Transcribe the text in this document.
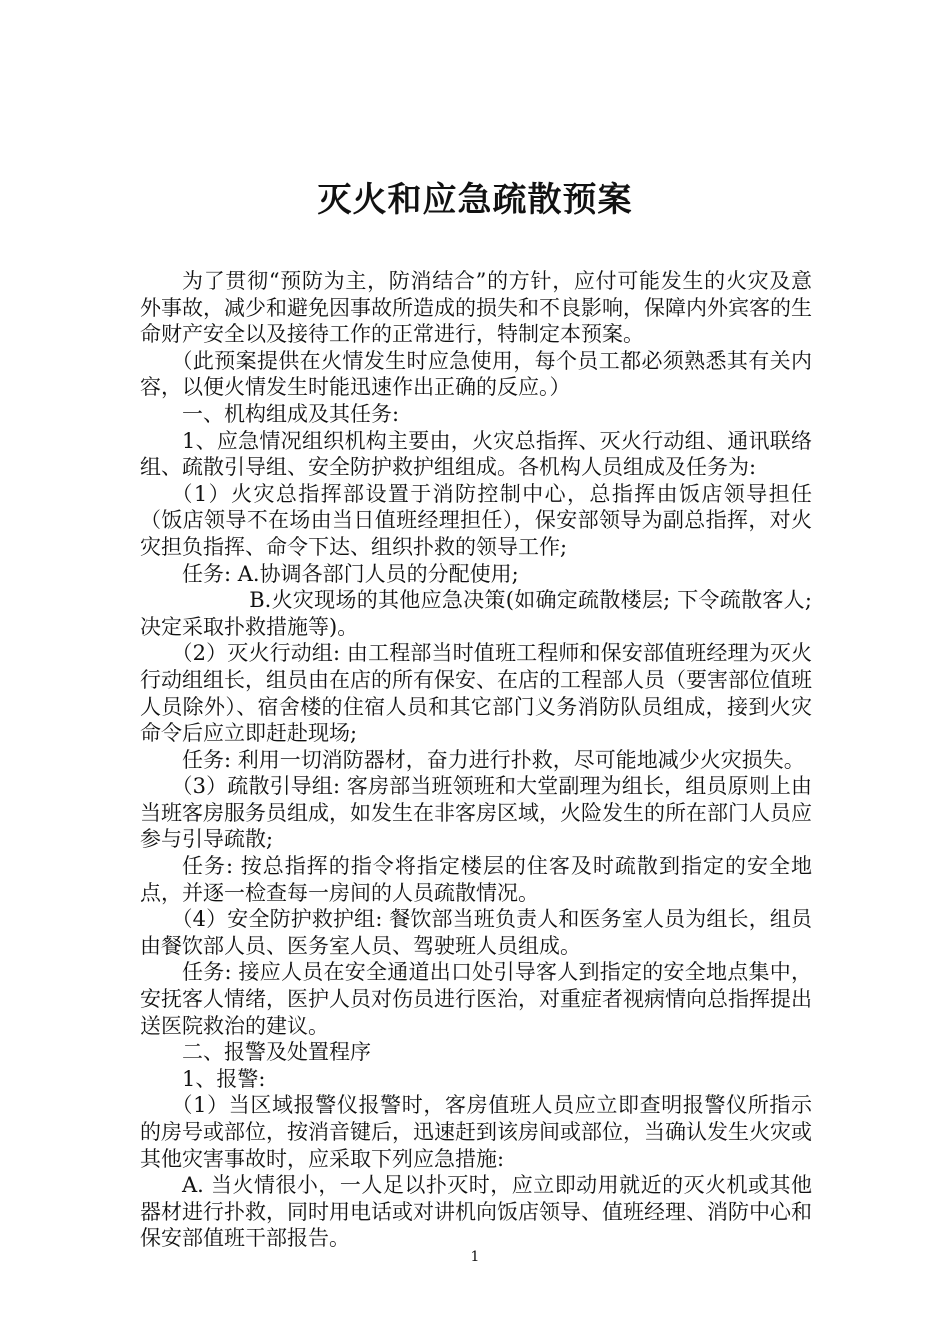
灭火和应急疏散预案

为了贯彻“预防为主，防消结合”的方针，应付可能发生的火灾及意外事故，减少和避免因事故所造成的损失和不良影响，保障内外宾客的生命财产安全以及接待工作的正常进行，特制定本预案。

（此预案提供在火情发生时应急使用，每个员工都必须熟悉其有关内容，以便火情发生时能迅速作出正确的反应。）

一、机构组成及其任务:

1、应急情况组织机构主要由，火灾总指挥、灭火行动组、通讯联络组、疏散引导组、安全防护救护组组成。各机构人员组成及任务为:

（1）火灾总指挥部设置于消防控制中心，总指挥由饭店领导担任（饭店领导不在场由当日值班经理担任），保安部领导为副总指挥，对火灾担负指挥、命令下达、组织扑救的领导工作;

任务: A.协调各部门人员的分配使用;

B.火灾现场的其他应急决策(如确定疏散楼层; 下令疏散客人; 决定采取扑救措施等)。

（2）灭火行动组: 由工程部当时值班工程师和保安部值班经理为灭火行动组组长，组员由在店的所有保安、在店的工程部人员（要害部位值班人员除外）、宿舍楼的住宿人员和其它部门义务消防队员组成，接到火灾命令后应立即赶赴现场;

任务: 利用一切消防器材，奋力进行扑救，尽可能地减少火灾损失。

（3）疏散引导组: 客房部当班领班和大堂副理为组长，组员原则上由当班客房服务员组成，如发生在非客房区域，火险发生的所在部门人员应参与引导疏散;

任务: 按总指挥的指令将指定楼层的住客及时疏散到指定的安全地点，并逐一检查每一房间的人员疏散情况。

（4）安全防护救护组: 餐饮部当班负责人和医务室人员为组长，组员由餐饮部人员、医务室人员、驾驶班人员组成。

任务: 接应人员在安全通道出口处引导客人到指定的安全地点集中，安抚客人情绪，医护人员对伤员进行医治，对重症者视病情向总指挥提出送医院救治的建议。

二、报警及处置程序

1、报警:

（1）当区域报警仪报警时，客房值班人员应立即查明报警仪所指示的房号或部位，按消音键后，迅速赶到该房间或部位，当确认发生火灾或其他灾害事故时，应采取下列应急措施:

A. 当火情很小，一人足以扑灭时，应立即动用就近的灭火机或其他器材进行扑救，同时用电话或对讲机向饭店领导、值班经理、消防中心和保安部值班干部报告。

1
